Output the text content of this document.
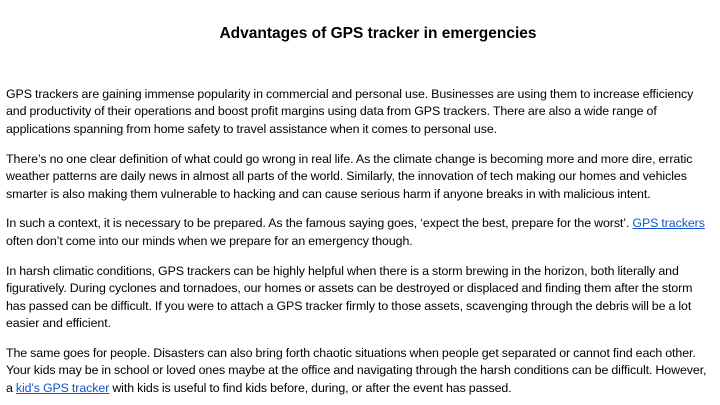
Advantages of GPS tracker in emergencies

GPS trackers are gaining immense popularity in commercial and personal use. Businesses are using them to increase efficiency and productivity of their operations and boost profit margins using data from GPS trackers. There are also a wide range of applications spanning from home safety to travel assistance when it comes to personal use.

There’s no one clear definition of what could go wrong in real life. As the climate change is becoming more and more dire, erratic weather patterns are daily news in almost all parts of the world. Similarly, the innovation of tech making our homes and vehicles smarter is also making them vulnerable to hacking and can cause serious harm if anyone breaks in with malicious intent.

In such a context, it is necessary to be prepared. As the famous saying goes, ‘expect the best, prepare for the worst’. GPS trackers often don’t come into our minds when we prepare for an emergency though.

In harsh climatic conditions, GPS trackers can be highly helpful when there is a storm brewing in the horizon, both literally and figuratively. During cyclones and tornadoes, our homes or assets can be destroyed or displaced and finding them after the storm has passed can be difficult. If you were to attach a GPS tracker firmly to those assets, scavenging through the debris will be a lot easier and efficient.

The same goes for people. Disasters can also bring forth chaotic situations when people get separated or cannot find each other. Your kids may be in school or loved ones maybe at the office and navigating through the harsh conditions can be difficult. However, a kid's GPS tracker with kids is useful to find kids before, during, or after the event has passed.
